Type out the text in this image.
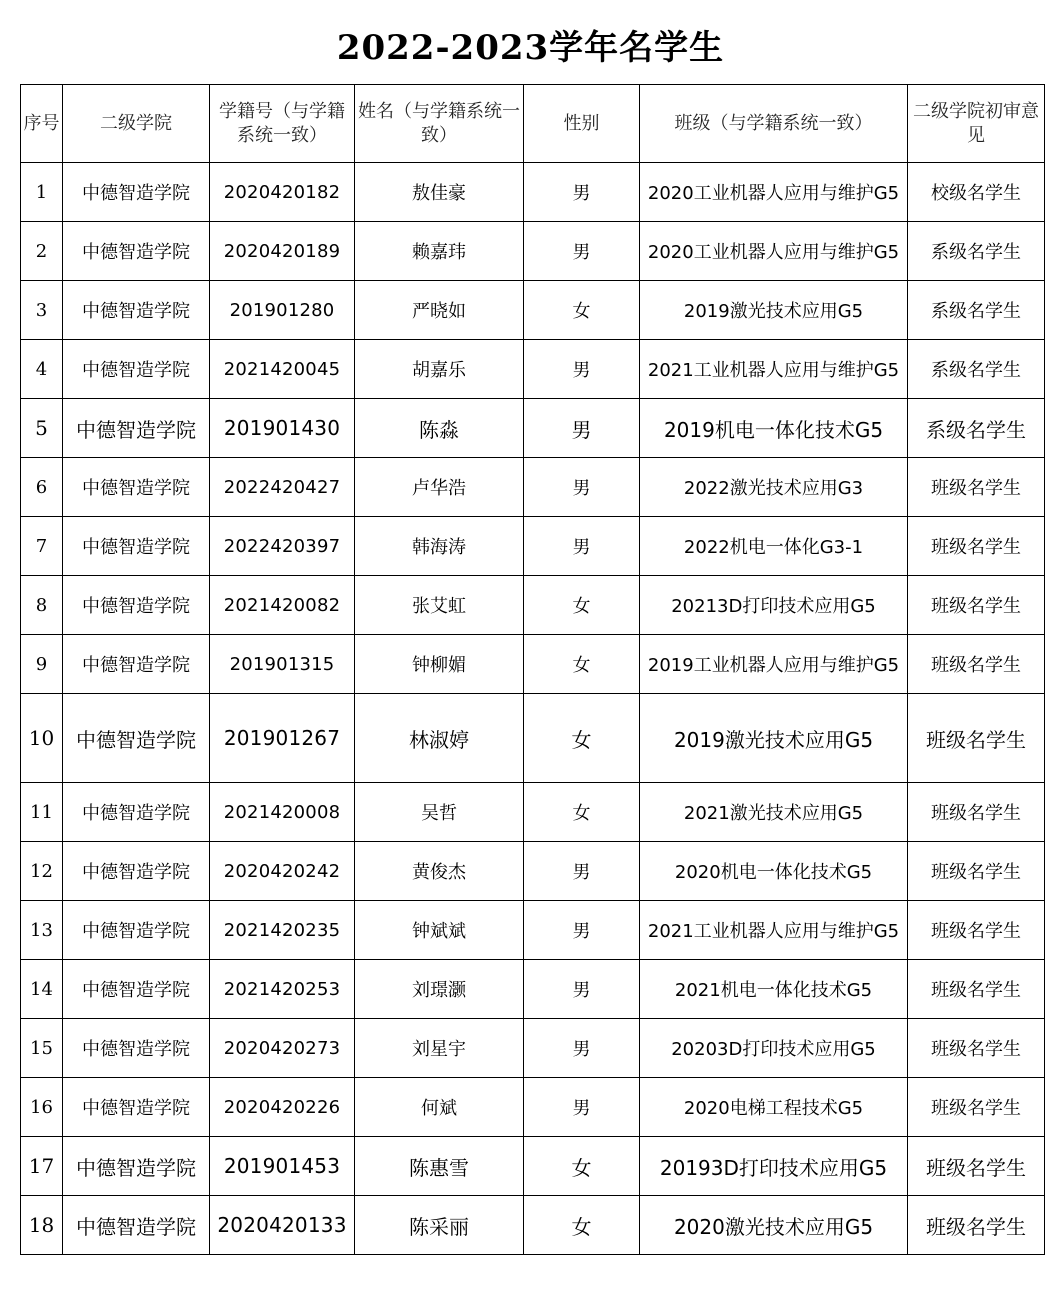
2022-2023学年名学生
序号	二级学院	学籍号（与学籍系统一致）	姓名（与学籍系统一致）	性别	班级（与学籍系统一致）	二级学院初审意见
1	中德智造学院	2020420182	敖佳豪	男	2020工业机器人应用与维护G5	校级名学生
2	中德智造学院	2020420189	赖嘉玮	男	2020工业机器人应用与维护G5	系级名学生
3	中德智造学院	201901280	严晓如	女	2019激光技术应用G5	系级名学生
4	中德智造学院	2021420045	胡嘉乐	男	2021工业机器人应用与维护G5	系级名学生
5	中德智造学院	201901430	陈淼	男	2019机电一体化技术G5	系级名学生
6	中德智造学院	2022420427	卢华浩	男	2022激光技术应用G3	班级名学生
7	中德智造学院	2022420397	韩海涛	男	2022机电一体化G3-1	班级名学生
8	中德智造学院	2021420082	张艾虹	女	20213D打印技术应用G5	班级名学生
9	中德智造学院	201901315	钟柳媚	女	2019工业机器人应用与维护G5	班级名学生
10	中德智造学院	201901267	林淑婷	女	2019激光技术应用G5	班级名学生
11	中德智造学院	2021420008	吴哲	女	2021激光技术应用G5	班级名学生
12	中德智造学院	2020420242	黄俊杰	男	2020机电一体化技术G5	班级名学生
13	中德智造学院	2021420235	钟斌斌	男	2021工业机器人应用与维护G5	班级名学生
14	中德智造学院	2021420253	刘璟灏	男	2021机电一体化技术G5	班级名学生
15	中德智造学院	2020420273	刘星宇	男	20203D打印技术应用G5	班级名学生
16	中德智造学院	2020420226	何斌	男	2020电梯工程技术G5	班级名学生
17	中德智造学院	201901453	陈惠雪	女	20193D打印技术应用G5	班级名学生
18	中德智造学院	2020420133	陈采丽	女	2020激光技术应用G5	班级名学生
